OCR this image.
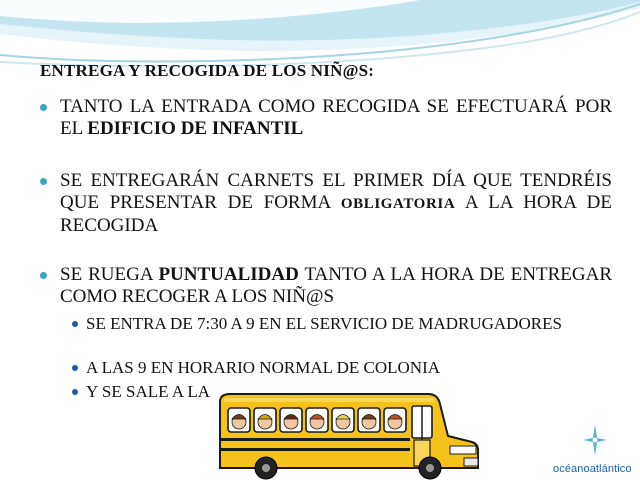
ENTREGA Y RECOGIDA DE LOS NIÑ@S:
TANTO LA ENTRADA COMO RECOGIDA SE EFECTUARÁ POR EL EDIFICIO DE INFANTIL
SE ENTREGARÁN CARNETS EL PRIMER DÍA QUE TENDRÉIS QUE PRESENTAR DE FORMA OBLIGATORIA A LA HORA DE RECOGIDA
SE RUEGA PUNTUALIDAD TANTO A LA HORA DE ENTREGAR COMO RECOGER A LOS NIÑ@S
SE ENTRA DE 7:30 A 9 EN EL SERVICIO DE MADRUGADORES
A LAS 9 EN HORARIO NORMAL DE COLONIA
Y SE SALE A LA
océanoatlántico
